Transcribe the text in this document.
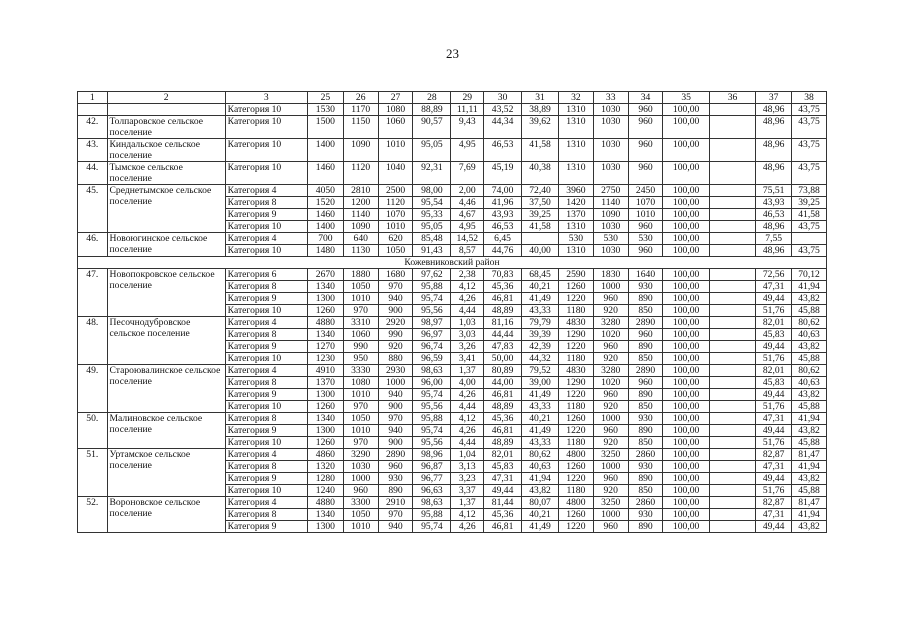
23
1	2	3	25	26	27	28	29	30	31	32	33	34	35	36	37	38
		Категория 10	1530	1170	1080	88,89	11,11	43,52	38,89	1310	1030	960	100,00		48,96	43,75
42.	Толпаровское сельское поселение	Категория 10	1500	1150	1060	90,57	9,43	44,34	39,62	1310	1030	960	100,00		48,96	43,75
43.	Киндальское сельское поселение	Категория 10	1400	1090	1010	95,05	4,95	46,53	41,58	1310	1030	960	100,00		48,96	43,75
44.	Тымское сельское поселение	Категория 10	1460	1120	1040	92,31	7,69	45,19	40,38	1310	1030	960	100,00		48,96	43,75
45.	Среднетымское сельское поселение	Категория 4	4050	2810	2500	98,00	2,00	74,00	72,40	3960	2750	2450	100,00		75,51	73,88
		Категория 8	1520	1200	1120	95,54	4,46	41,96	37,50	1420	1140	1070	100,00		43,93	39,25
		Категория 9	1460	1140	1070	95,33	4,67	43,93	39,25	1370	1090	1010	100,00		46,53	41,58
		Категория 10	1400	1090	1010	95,05	4,95	46,53	41,58	1310	1030	960	100,00		48,96	43,75
46.	Новоюгинское сельское поселение	Категория 4	700	640	620	85,48	14,52	6,45		530	530	530	100,00		7,55	
		Категория 10	1480	1130	1050	91,43	8,57	44,76	40,00	1310	1030	960	100,00		48,96	43,75
Кожевниковский район																
47.	Новопокровское сельское поселение	Категория 6	2670	1880	1680	97,62	2,38	70,83	68,45	2590	1830	1640	100,00		72,56	70,12
		Категория 8	1340	1050	970	95,88	4,12	45,36	40,21	1260	1000	930	100,00		47,31	41,94
		Категория 9	1300	1010	940	95,74	4,26	46,81	41,49	1220	960	890	100,00		49,44	43,82
		Категория 10	1260	970	900	95,56	4,44	48,89	43,33	1180	920	850	100,00		51,76	45,88
48.	Песочнодубровское сельское поселение	Категория 4	4880	3310	2920	98,97	1,03	81,16	79,79	4830	3280	2890	100,00		82,01	80,62
		Категория 8	1340	1060	990	96,97	3,03	44,44	39,39	1290	1020	960	100,00		45,83	40,63
		Категория 9	1270	990	920	96,74	3,26	47,83	42,39	1220	960	890	100,00		49,44	43,82
		Категория 10	1230	950	880	96,59	3,41	50,00	44,32	1180	920	850	100,00		51,76	45,88
49.	Староювалинское сельское поселение	Категория 4	4910	3330	2930	98,63	1,37	80,89	79,52	4830	3280	2890	100,00		82,01	80,62
		Категория 8	1370	1080	1000	96,00	4,00	44,00	39,00	1290	1020	960	100,00		45,83	40,63
		Категория 9	1300	1010	940	95,74	4,26	46,81	41,49	1220	960	890	100,00		49,44	43,82
		Категория 10	1260	970	900	95,56	4,44	48,89	43,33	1180	920	850	100,00		51,76	45,88
50.	Малиновское сельское поселение	Категория 8	1340	1050	970	95,88	4,12	45,36	40,21	1260	1000	930	100,00		47,31	41,94
		Категория 9	1300	1010	940	95,74	4,26	46,81	41,49	1220	960	890	100,00		49,44	43,82
		Категория 10	1260	970	900	95,56	4,44	48,89	43,33	1180	920	850	100,00		51,76	45,88
51.	Уртамское сельское поселение	Категория 4	4860	3290	2890	98,96	1,04	82,01	80,62	4800	3250	2860	100,00		82,87	81,47
		Категория 8	1320	1030	960	96,87	3,13	45,83	40,63	1260	1000	930	100,00		47,31	41,94
		Категория 9	1280	1000	930	96,77	3,23	47,31	41,94	1220	960	890	100,00		49,44	43,82
		Категория 10	1240	960	890	96,63	3,37	49,44	43,82	1180	920	850	100,00		51,76	45,88
52.	Вороновское сельское поселение	Категория 4	4880	3300	2910	98,63	1,37	81,44	80,07	4800	3250	2860	100,00		82,87	81,47
		Категория 8	1340	1050	970	95,88	4,12	45,36	40,21	1260	1000	930	100,00		47,31	41,94
		Категория 9	1300	1010	940	95,74	4,26	46,81	41,49	1220	960	890	100,00		49,44	43,82
